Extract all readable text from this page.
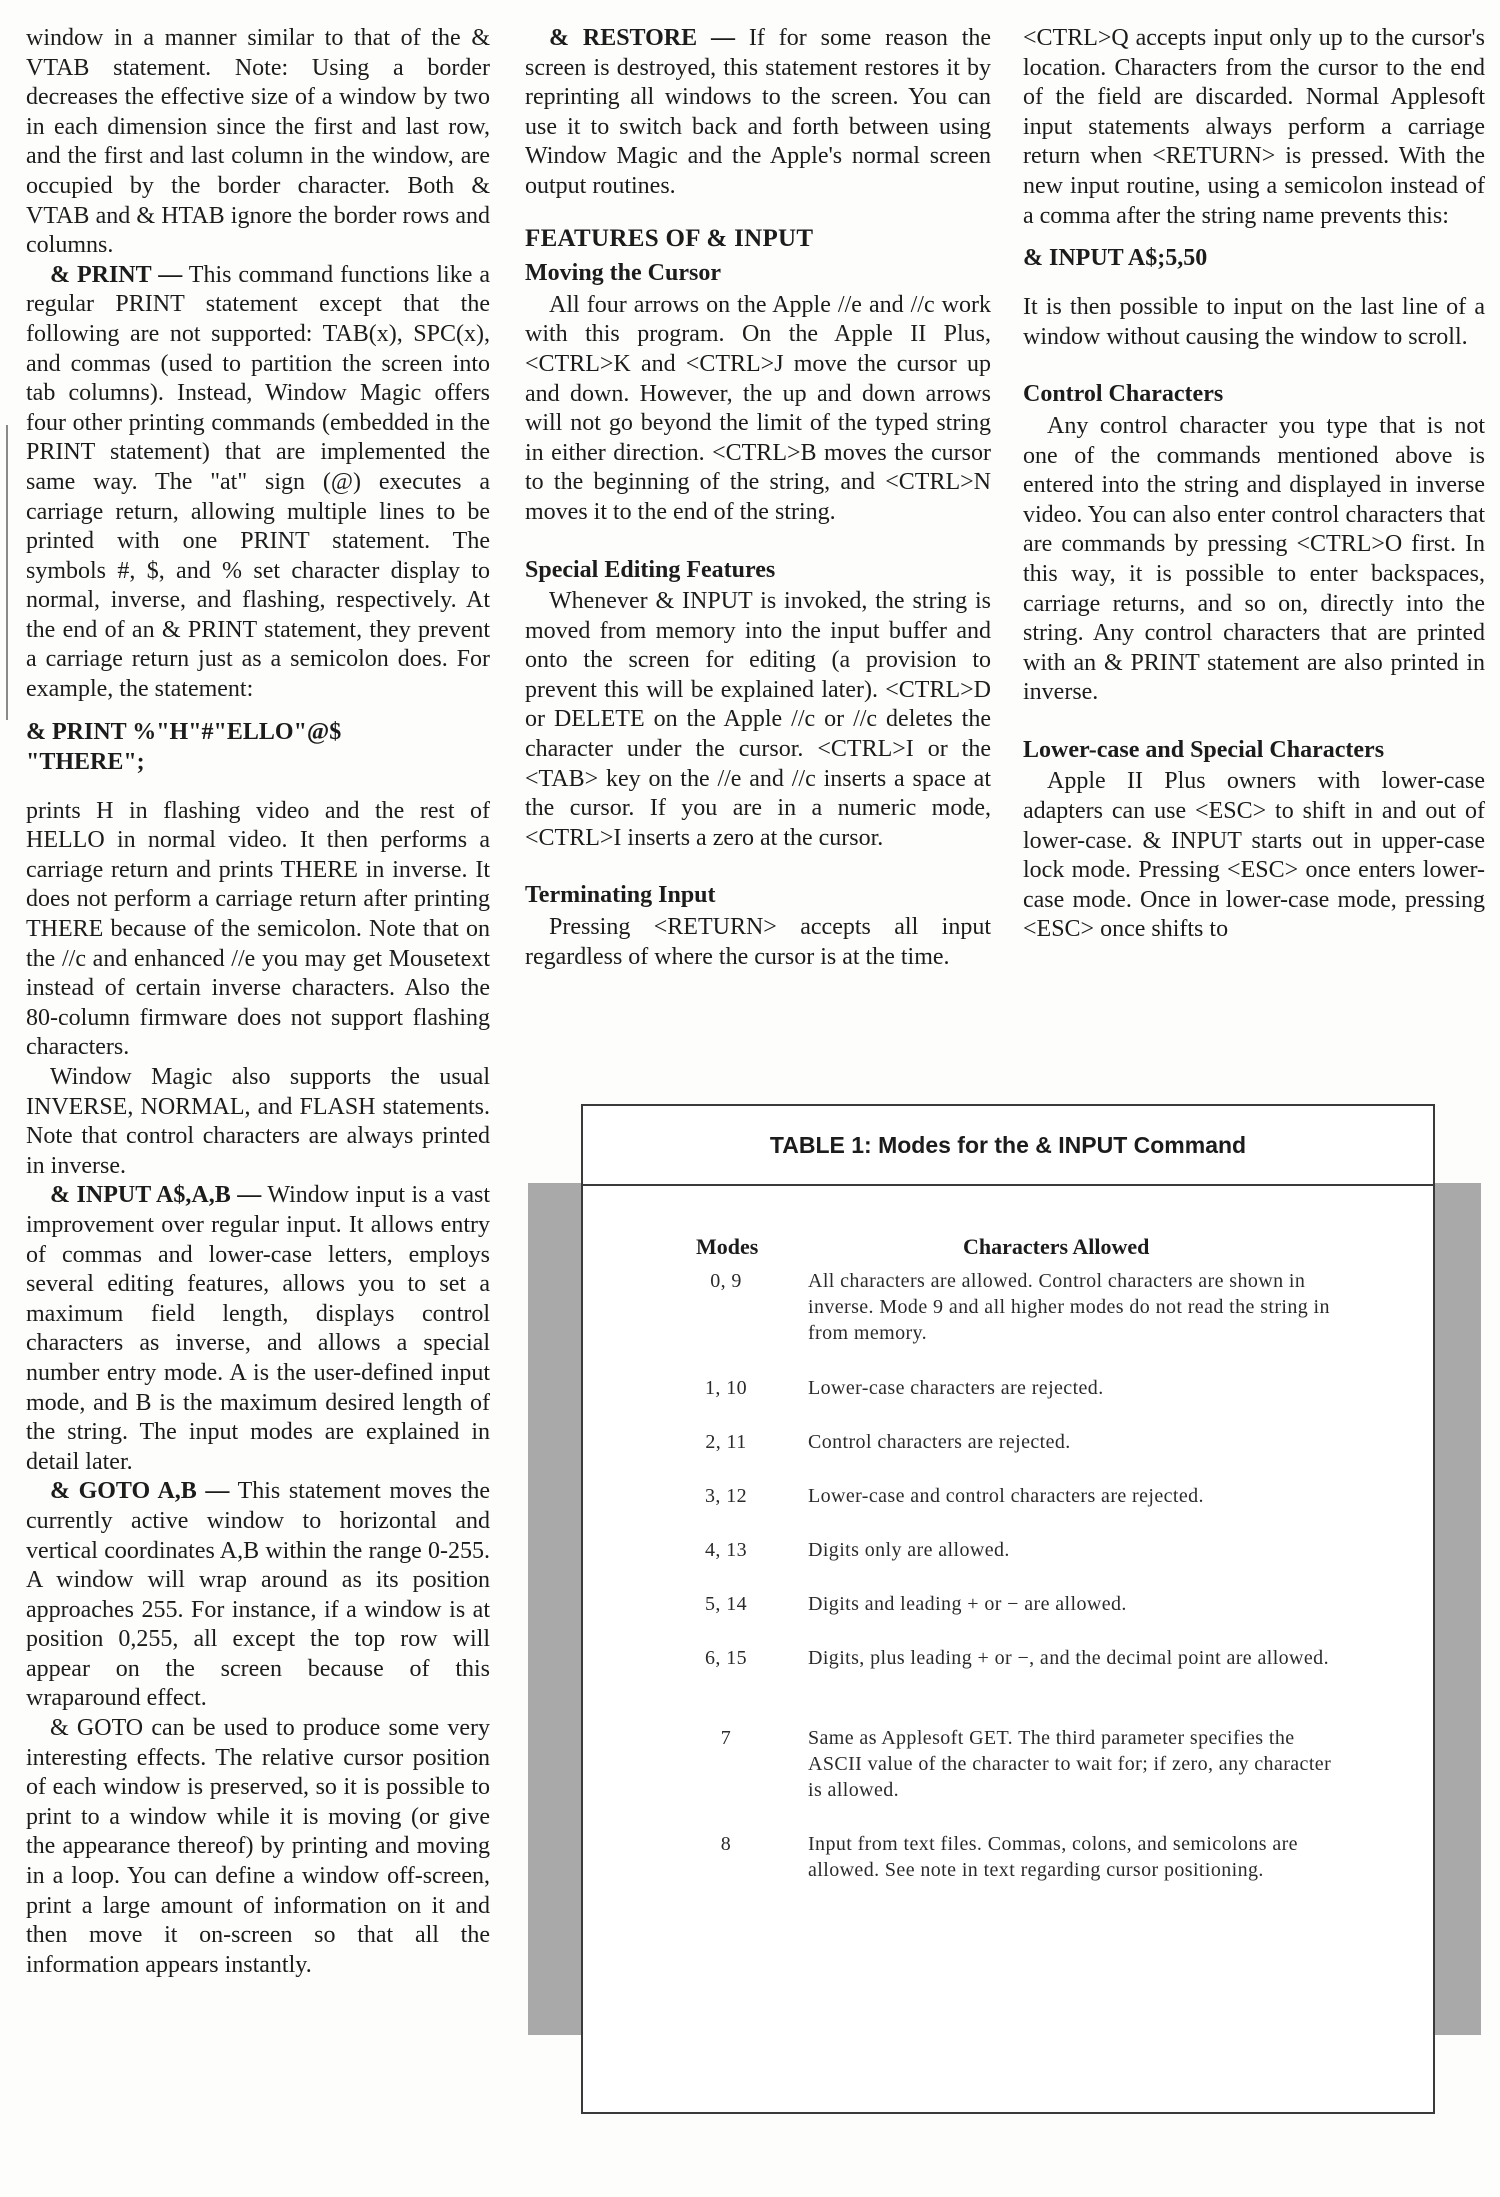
window in a manner similar to that of the & VTAB statement. Note: Using a border decreases the effective size of a window by two in each dimension since the first and last row, and the first and last column in the window, are occupied by the border character. Both & VTAB and & HTAB ignore the border rows and columns.

& PRINT — This command functions like a regular PRINT statement except that the following are not supported: TAB(x), SPC(x), and commas (used to partition the screen into tab columns). Instead, Window Magic offers four other printing commands (embedded in the PRINT statement) that are implemented the same way. The "at" sign (@) executes a carriage return, allowing multiple lines to be printed with one PRINT statement. The symbols #, $, and % set character display to normal, inverse, and flashing, respectively. At the end of an & PRINT statement, they prevent a carriage return just as a semicolon does. For example, the statement:

& PRINT %"H"#"ELLO"@$
"THERE";

prints H in flashing video and the rest of HELLO in normal video. It then performs a carriage return and prints THERE in inverse. It does not perform a carriage return after printing THERE because of the semicolon. Note that on the //c and enhanced //e you may get Mousetext instead of certain inverse characters. Also the 80-column firmware does not support flashing characters.

Window Magic also supports the usual INVERSE, NORMAL, and FLASH statements. Note that control characters are always printed in inverse.

& INPUT A$,A,B — Window input is a vast improvement over regular input. It allows entry of commas and lower-case letters, employs several editing features, allows you to set a maximum field length, displays control characters as inverse, and allows a special number entry mode. A is the user-defined input mode, and B is the maximum desired length of the string. The input modes are explained in detail later.

& GOTO A,B — This statement moves the currently active window to horizontal and vertical coordinates A,B within the range 0-255. A window will wrap around as its position approaches 255. For instance, if a window is at position 0,255, all except the top row will appear on the screen because of this wraparound effect.

& GOTO can be used to produce some very interesting effects. The relative cursor position of each window is preserved, so it is possible to print to a window while it is moving (or give the appearance thereof) by printing and moving in a loop. You can define a window off-screen, print a large amount of information on it and then move it on-screen so that all the information appears instantly.

& RESTORE — If for some reason the screen is destroyed, this statement restores it by reprinting all windows to the screen. You can use it to switch back and forth between using Window Magic and the Apple's normal screen output routines.

FEATURES OF & INPUT
Moving the Cursor

All four arrows on the Apple //e and //c work with this program. On the Apple II Plus, <CTRL>K and <CTRL>J move the cursor up and down. However, the up and down arrows will not go beyond the limit of the typed string in either direction. <CTRL>B moves the cursor to the beginning of the string, and <CTRL>N moves it to the end of the string.

Special Editing Features

Whenever & INPUT is invoked, the string is moved from memory into the input buffer and onto the screen for editing (a provision to prevent this will be explained later). <CTRL>D or DELETE on the Apple //c or //c deletes the character under the cursor. <CTRL>I or the <TAB> key on the //e and //c inserts a space at the cursor. If you are in a numeric mode, <CTRL>I inserts a zero at the cursor.

Terminating Input

Pressing <RETURN> accepts all input regardless of where the cursor is at the time.

<CTRL>Q accepts input only up to the cursor's location. Characters from the cursor to the end of the field are discarded. Normal Applesoft input statements always perform a carriage return when <RETURN> is pressed. With the new input routine, using a semicolon instead of a comma after the string name prevents this:

& INPUT A$;5,50

It is then possible to input on the last line of a window without causing the window to scroll.

Control Characters

Any control character you type that is not one of the commands mentioned above is entered into the string and displayed in inverse video. You can also enter control characters that are commands by pressing <CTRL>O first. In this way, it is possible to enter backspaces, carriage returns, and so on, directly into the string. Any control characters that are printed with an & PRINT statement are also printed in inverse.

Lower-case and Special Characters

Apple II Plus owners with lower-case adapters can use <ESC> to shift in and out of lower-case. & INPUT starts out in upper-case lock mode. Pressing <ESC> once enters lower-case mode. Once in lower-case mode, pressing <ESC> once shifts to

TABLE 1: Modes for the & INPUT Command
Modes	Characters Allowed
0, 9	All characters are allowed. Control characters are shown in inverse. Mode 9 and all higher modes do not read the string in from memory.
1, 10	Lower-case characters are rejected.
2, 11	Control characters are rejected.
3, 12	Lower-case and control characters are rejected.
4, 13	Digits only are allowed.
5, 14	Digits and leading + or − are allowed.
6, 15	Digits, plus leading + or −, and the decimal point are allowed.
7	Same as Applesoft GET. The third parameter specifies the ASCII value of the character to wait for; if zero, any character is allowed.
8	Input from text files. Commas, colons, and semicolons are allowed. See note in text regarding cursor positioning.
